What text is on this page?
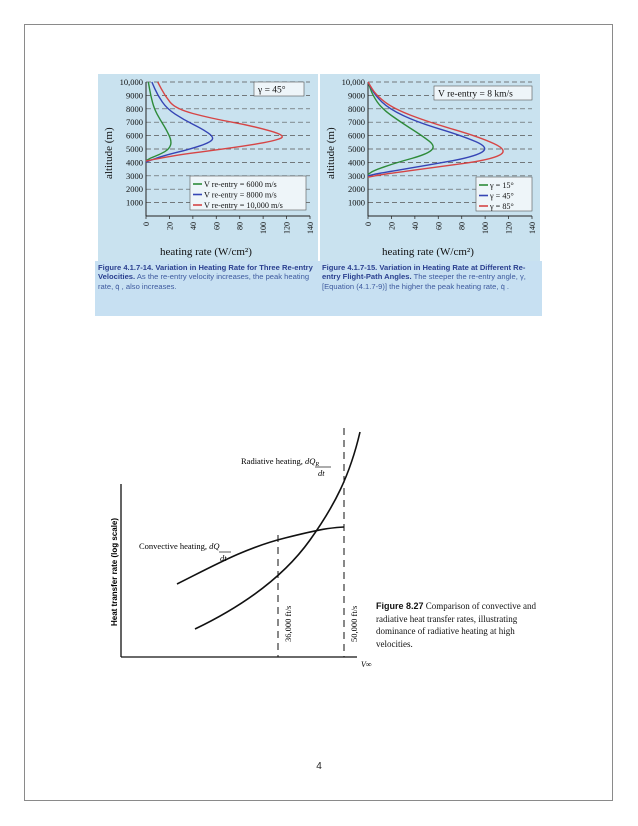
1000
2000
3000
4000
5000
6000
7000
8000
9000
10,000
0 20 40 60 80 100 120 140
altitude (m)
heating rate (W/cm²)
γ = 45°
V re-entry = 6000 m/s
V re-entry = 8000 m/s
V re-entry = 10,000 m/s	1000
2000
3000
4000
5000
6000
7000
8000
9000
10,000
0 20 40 60 80 100 120 140
altitude (m)
heating rate (W/cm²)
V re-entry = 8 km/s
γ = 15°
γ = 45°
γ = 85°
Figure 4.1.7-14. Variation in Heating Rate for Three Re-entry Velocities. As the re-entry velocity increases, the peak heating rate, q̇ , also increases.
Figure 4.1.7-15. Variation in Heating Rate at Different Re-entry Flight-Path Angles. The steeper the re-entry angle, γ, [Equation (4.1.7-9)] the higher the peak heating rate, q̇ .
Heat transfer rate (log scale)
V∞
36,000 ft/s	50,000 ft/s
Convective heating, dQ
dt
Radiative heating, $dQ_R$
dt
Figure 8.27 Comparison of convective and radiative heat transfer rates, illustrating dominance of radiative heating at high velocities.
4
